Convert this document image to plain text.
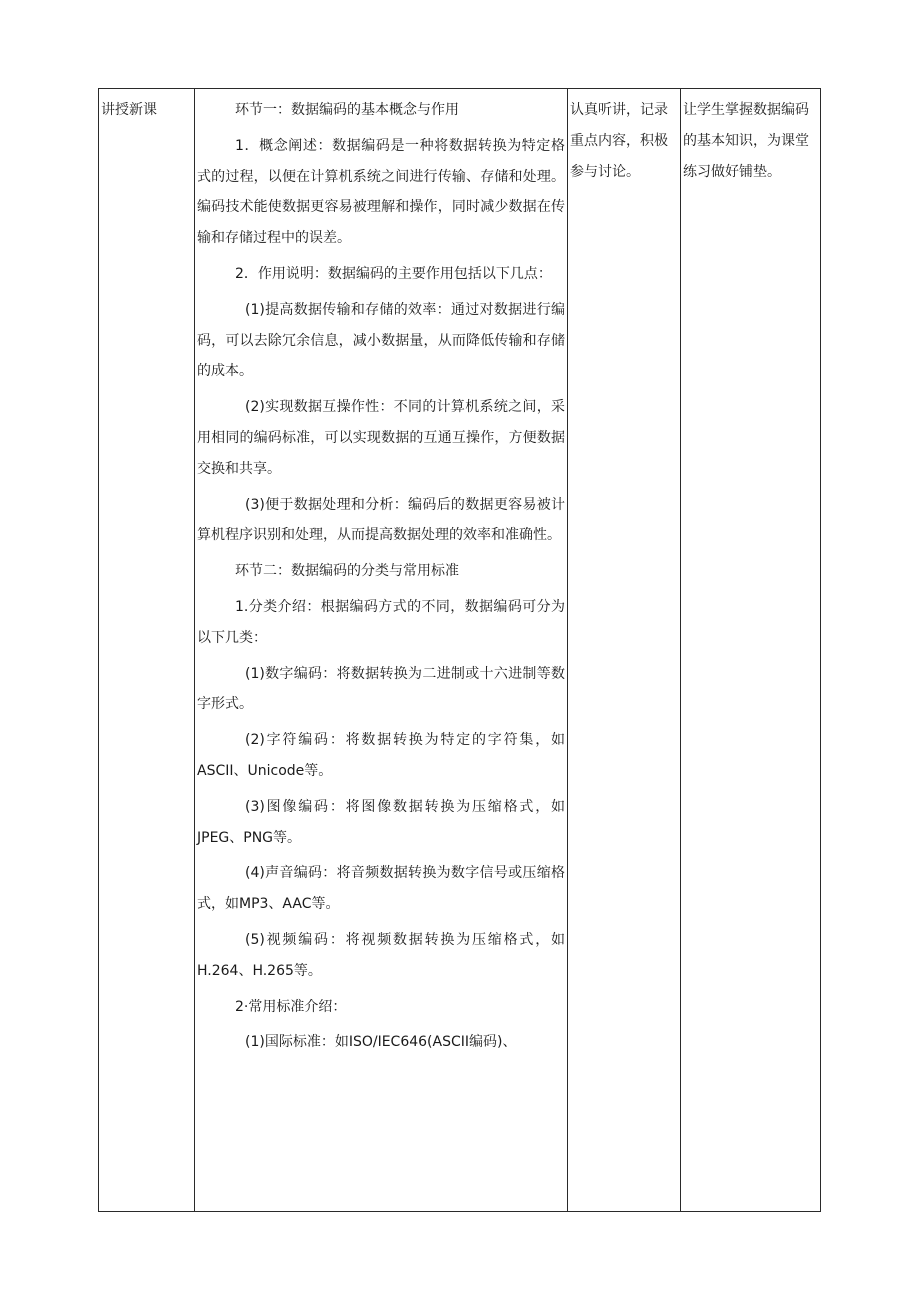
讲授新课	环节一：数据编码的基本概念与作用

1．概念阐述：数据编码是一种将数据转换为特定格式的过程，以便在计算机系统之间进行传输、存储和处理。编码技术能使数据更容易被理解和操作，同时减少数据在传输和存储过程中的误差。

2．作用说明：数据编码的主要作用包括以下几点：

(1)提高数据传输和存储的效率：通过对数据进行编码，可以去除冗余信息，减小数据量，从而降低传输和存储的成本。

(2)实现数据互操作性：不同的计算机系统之间，采用相同的编码标准，可以实现数据的互通互操作，方便数据交换和共享。

(3)便于数据处理和分析：编码后的数据更容易被计算机程序识别和处理，从而提高数据处理的效率和准确性。

环节二：数据编码的分类与常用标准

1.分类介绍：根据编码方式的不同，数据编码可分为以下几类：

(1)数字编码：将数据转换为二进制或十六进制等数字形式。

(2)字符编码：将数据转换为特定的字符集，如ASCII、Unicode等。

(3)图像编码：将图像数据转换为压缩格式，如JPEG、PNG等。

(4)声音编码：将音频数据转换为数字信号或压缩格式，如MP3、AAC等。

(5)视频编码：将视频数据转换为压缩格式，如H.264、H.265等。

2·常用标准介绍：

(1)国际标准：如ISO/IEC646(ASCII编码)、

	认真听讲，记录重点内容，积极参与讨论。	让学生掌握数据编码的基本知识，为课堂练习做好铺垫。
